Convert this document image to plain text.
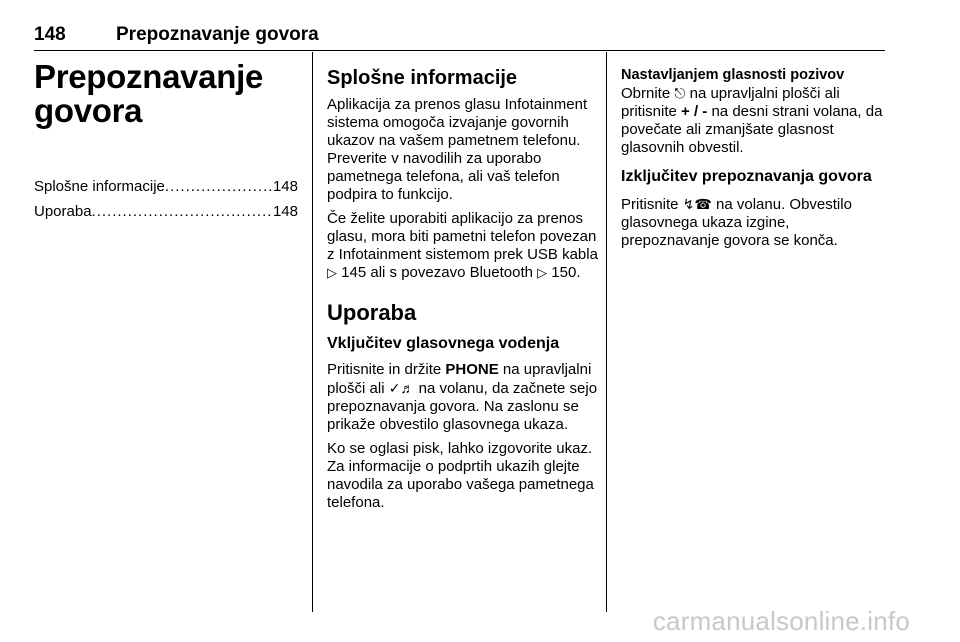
148	Prepoznavanje govora
Prepoznavanje govora
Splošne informacije .....	148
Uporaba .....	148
Splošne informacije

Aplikacija za prenos glasu Infotainment sistema omogoča izvajanje govornih ukazov na vašem pametnem telefonu. Preverite v navodilih za uporabo pametnega telefona, ali vaš telefon podpira to funkcijo.

Če želite uporabiti aplikacijo za prenos glasu, mora biti pametni telefon povezan z Infotainment sistemom prek USB kabla ▷ 145 ali s povezavo Bluetooth ▷ 150.

Uporaba
Vključitev glasovnega vodenja

Pritisnite in držite PHONE na upravljalni plošči ali ✓♬ na volanu, da začnete sejo prepoznavanja govora. Na zaslonu se prikaže obvestilo glasovnega ukaza.

Ko se oglasi pisk, lahko izgovorite ukaz. Za informacije o podprtih ukazih glejte navodila za uporabo vašega pametnega telefona.

Nastavljanjem glasnosti pozivov

Obrnite ⎋ na upravljalni plošči ali pritisnite + / - na desni strani volana, da povečate ali zmanjšate glasnost glasovnih obvestil.

Izključitev prepoznavanja govora

Pritisnite ↯☎ na volanu. Obvestilo glasovnega ukaza izgine, prepoznavanje govora se konča.

carmanualsonline.info
